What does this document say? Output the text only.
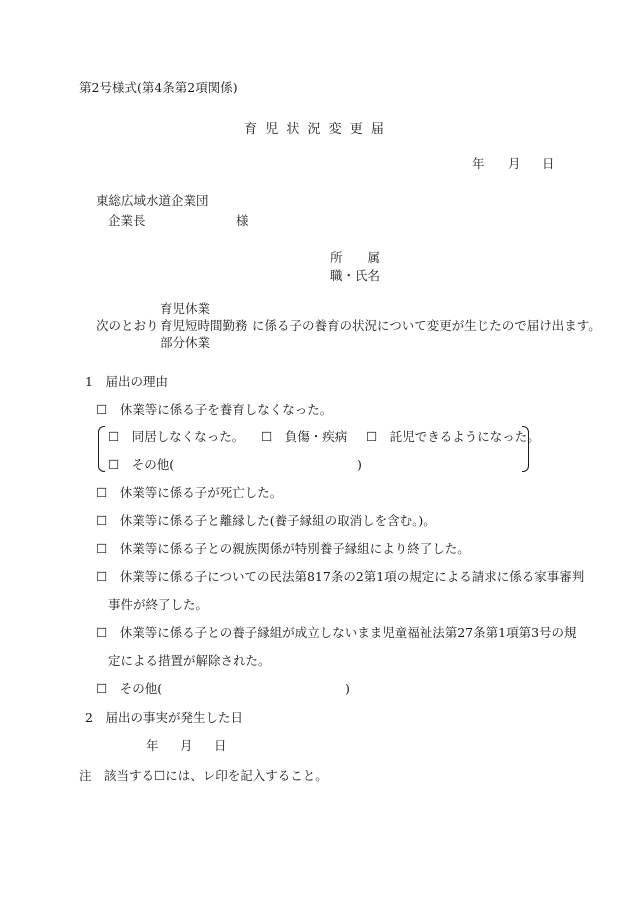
第2号様式(第4条第2項関係)
育 児 状 況 変 更 届
年 月 日
東総広域水道企業団
企業長	様
所　　属
職・氏名
次のとおり
育児休業
育児短時間勤務
部分休業
に係る子の養育の状況について変更が生じたので届け出ます。
1　届出の理由
☐　休業等に係る子を養育しなくなった。
☐　同居しなくなった。 ☐　負傷・疾病 ☐　託児できるようになった。
☐　その他(	)
☐　休業等に係る子が死亡した。
☐　休業等に係る子と離縁した(養子縁組の取消しを含む。)。
☐　休業等に係る子との親族関係が特別養子縁組により終了した。
☐　休業等に係る子についての民法第817条の2第1項の規定による請求に係る家事審判
事件が終了した。
☐　休業等に係る子との養子縁組が成立しないまま児童福祉法第27条第1項第3号の規
定による措置が解除された。
☐　その他(	)
2　届出の事実が発生した日
年 月 日
注　該当する☐には、レ印を記入すること。
